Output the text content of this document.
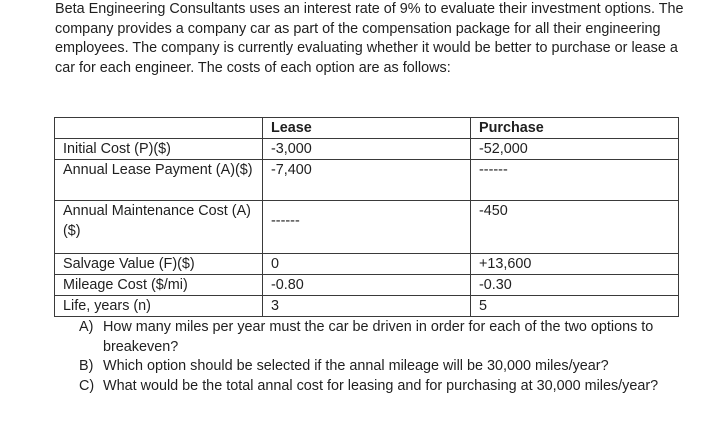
Beta Engineering Consultants uses an interest rate of 9% to evaluate their investment options. The company provides a company car as part of the compensation package for all their engineering employees. The company is currently evaluating whether it would be better to purchase or lease a car for each engineer. The costs of each option are as follows:

	Lease	Purchase
Initial Cost (P)($)	-3,000	-52,000
Annual Lease Payment (A)($)	-7,400	------
Annual Maintenance Cost (A)($)	------	-450
Salvage Value (F)($)	0	+13,600
Mileage Cost ($/mi)	-0.80	-0.30
Life, years (n)	3	5
A) How many miles per year must the car be driven in order for each of the two options to breakeven?
B) Which option should be selected if the annal mileage will be 30,000 miles/year?
C) What would be the total annal cost for leasing and for purchasing at 30,000 miles/year?
